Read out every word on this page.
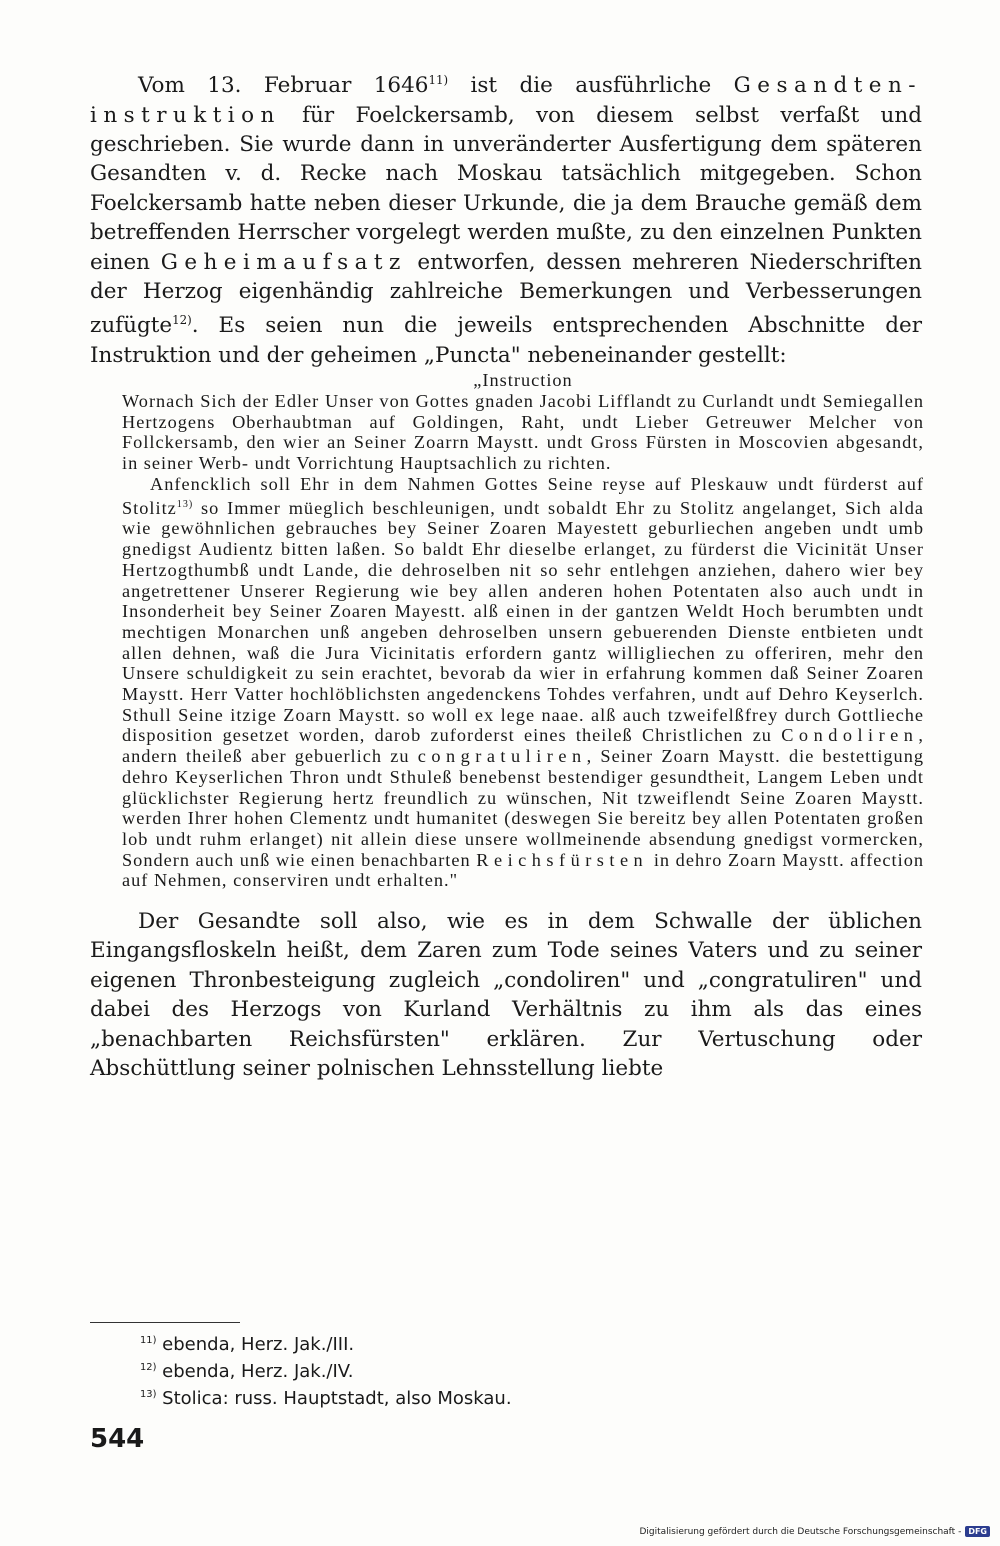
Vom 13. Februar 1646$^{11)}$ ist die ausführliche Gesandten-instruktion für Foelckersamb, von diesem selbst verfaßt und geschrieben. Sie wurde dann in unveränderter Ausfertigung dem späteren Gesandten v. d. Recke nach Moskau tatsächlich mitgegeben. Schon Foelckersamb hatte neben dieser Urkunde, die ja dem Brauche gemäß dem betreffenden Herrscher vorgelegt werden mußte, zu den einzelnen Punkten einen Geheimaufsatz entworfen, dessen mehreren Niederschriften der Herzog eigenhändig zahlreiche Bemerkungen und Verbesserungen zufügte$^{12)}$. Es seien nun die jeweils entsprechenden Abschnitte der Instruktion und der geheimen „Puncta" nebeneinander gestellt:

„Instruction

Wornach Sich der Edler Unser von Gottes gnaden Jacobi Lifflandt zu Curlandt undt Semiegallen Hertzogens Oberhaubtman auf Goldingen, Raht, undt Lieber Getreuwer Melcher von Follckersamb, den wier an Seiner Zoarrn Maystt. undt Gross Fürsten in Moscovien abgesandt, in seiner Werb- undt Vorrichtung Hauptsachlich zu richten.

Anfencklich soll Ehr in dem Nahmen Gottes Seine reyse auf Pleskauw undt fürderst auf Stolitz$^{13)}$ so Immer müeglich beschleunigen, undt sobaldt Ehr zu Stolitz angelanget, Sich alda wie gewöhnlichen gebrauches bey Seiner Zoaren Mayestett geburliechen angeben undt umb gnedigst Audientz bitten laßen. So baldt Ehr dieselbe erlanget, zu fürderst die Vicinität Unser Hertzogthumbß undt Lande, die dehroselben nit so sehr entlehgen anziehen, dahero wier bey angetrettener Unserer Regierung wie bey allen anderen hohen Potentaten also auch undt in Insonderheit bey Seiner Zoaren Mayestt. alß einen in der gantzen Weldt Hoch berumbten undt mechtigen Monarchen unß angeben dehroselben unsern gebuerenden Dienste entbieten undt allen dehnen, waß die Jura Vicinitatis erfordern gantz willigliechen zu offeriren, mehr den Unsere schuldigkeit zu sein erachtet, bevorab da wier in erfahrung kommen daß Seiner Zoaren Maystt. Herr Vatter hochlöblichsten angedenckens Tohdes verfahren, undt auf Dehro Keyserlch. Sthull Seine itzige Zoarn Maystt. so woll ex lege naae. alß auch tzweifelßfrey durch Gottlieche disposition gesetzet worden, darob zuforderst eines theileß Christlichen zu Condoliren, andern theileß aber gebuerlich zu congratuliren, Seiner Zoarn Maystt. die bestettigung dehro Keyserlichen Thron undt Sthuleß benebenst bestendiger gesundtheit, Langem Leben undt glücklichster Regierung hertz freundlich zu wünschen, Nit tzweiflendt Seine Zoaren Maystt. werden Ihrer hohen Clementz undt humanitet (deswegen Sie bereitz bey allen Potentaten großen lob undt ruhm erlanget) nit allein diese unsere wollmeinende absendung gnedigst vormercken, Sondern auch unß wie einen benachbarten Reichsfürsten in dehro Zoarn Maystt. affection auf Nehmen, conserviren undt erhalten."

Der Gesandte soll also, wie es in dem Schwalle der üblichen Eingangsfloskeln heißt, dem Zaren zum Tode seines Vaters und zu seiner eigenen Thronbesteigung zugleich „condoliren" und „congratuliren" und dabei des Herzogs von Kurland Verhältnis zu ihm als das eines „benachbarten Reichsfürsten" erklären. Zur Vertuschung oder Abschüttlung seiner polnischen Lehnsstellung liebte

$^{11)}$ ebenda, Herz. Jak./III.
$^{12)}$ ebenda, Herz. Jak./IV.
$^{13)}$ Stolica: russ. Hauptstadt, also Moskau.
544
Digitalisierung gefördert durch die Deutsche Forschungsgemeinschaft - DFG
